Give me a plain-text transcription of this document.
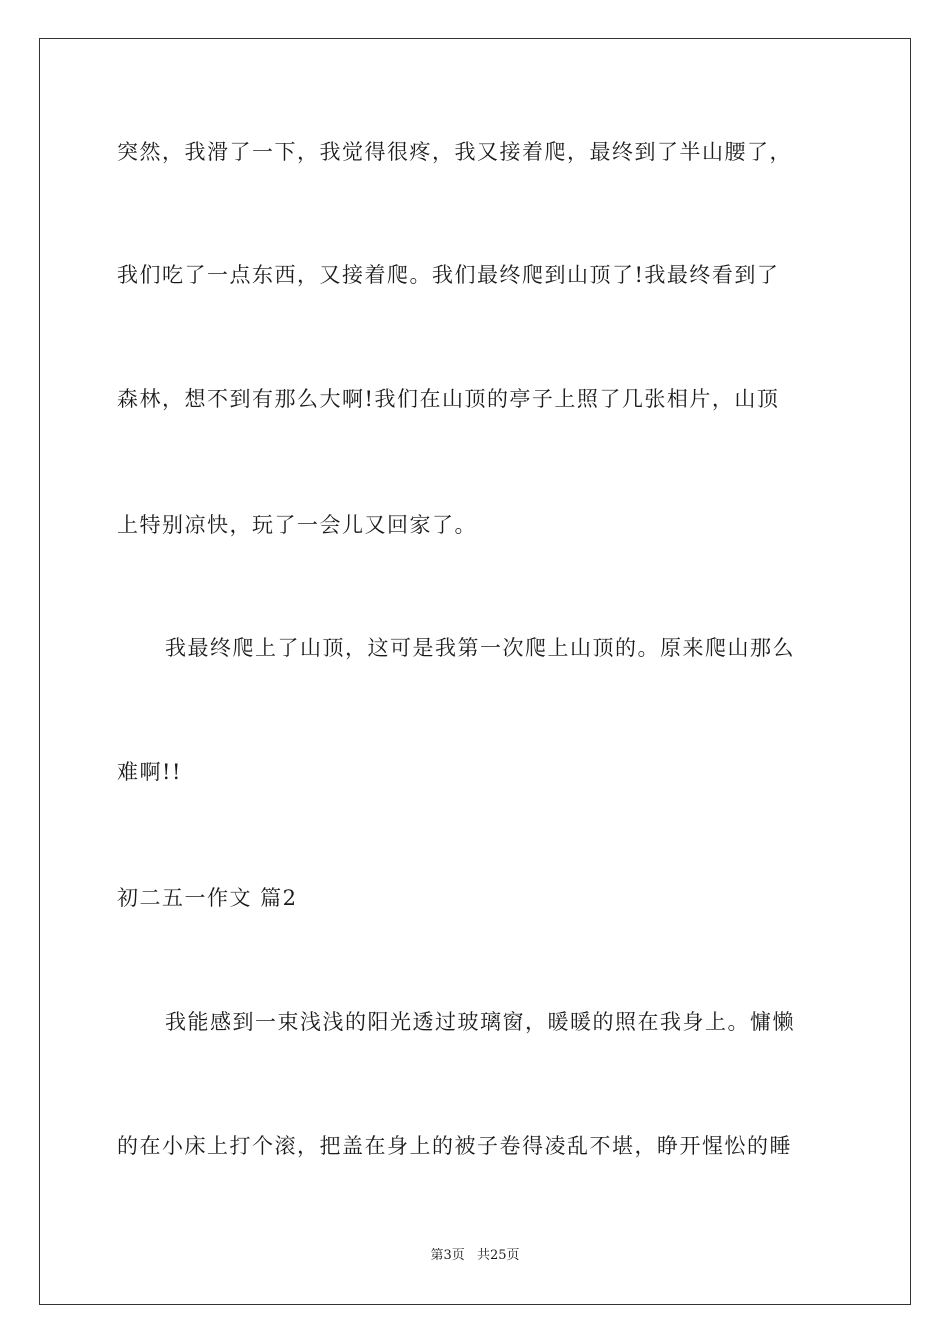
突然，我滑了一下，我觉得很疼，我又接着爬，最终到了半山腰了，
我们吃了一点东西，又接着爬。我们最终爬到山顶了!我最终看到了
森林，想不到有那么大啊!我们在山顶的亭子上照了几张相片，山顶
上特别凉快，玩了一会儿又回家了。
我最终爬上了山顶，这可是我第一次爬上山顶的。原来爬山那么
难啊!!
初二五一作文 篇2
我能感到一束浅浅的阳光透过玻璃窗，暖暖的照在我身上。慵懒
的在小床上打个滚，把盖在身上的被子卷得凌乱不堪，睁开惺忪的睡
第3页 共25页
